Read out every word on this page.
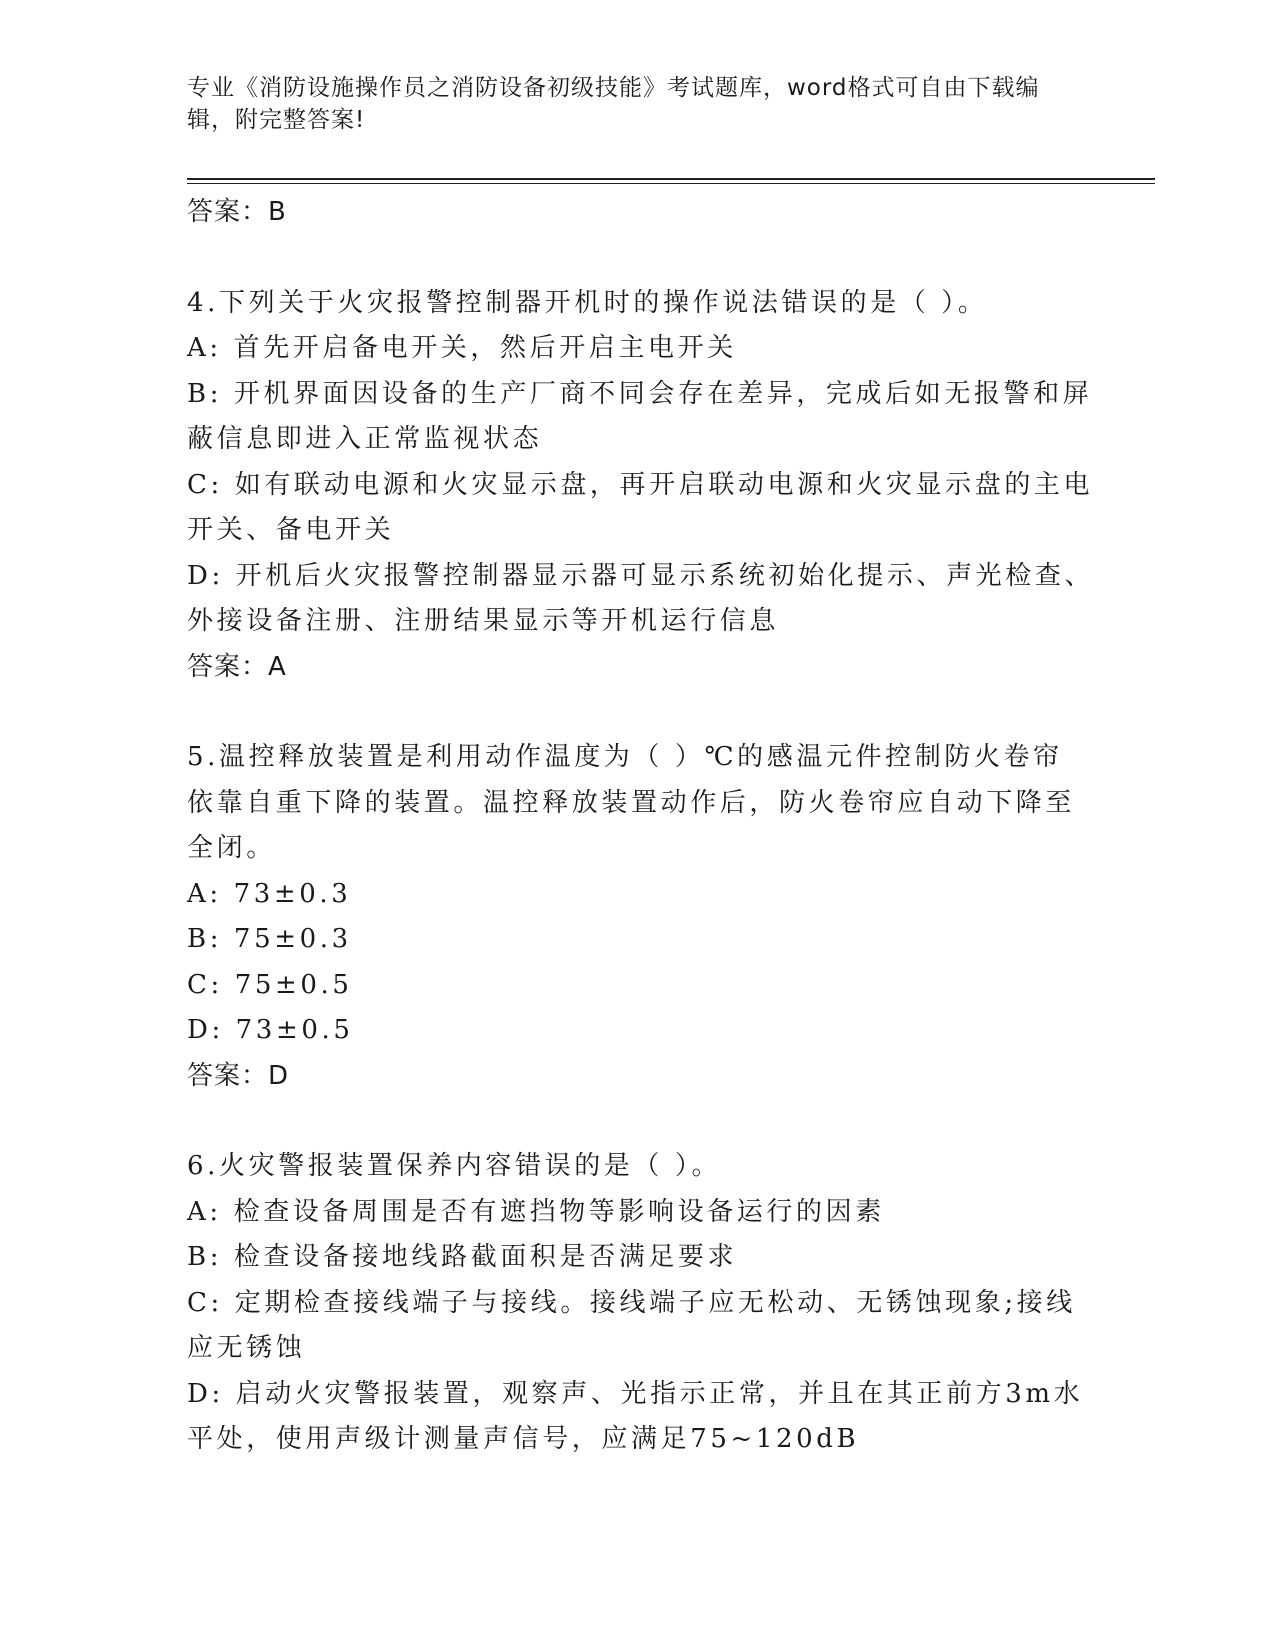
专业《消防设施操作员之消防设备初级技能》考试题库，word格式可自由下载编
辑，附完整答案!
答案：B
4.下列关于火灾报警控制器开机时的操作说法错误的是（ ）。
A: 首先开启备电开关，然后开启主电开关
B: 开机界面因设备的生产厂商不同会存在差异，完成后如无报警和屏
蔽信息即进入正常监视状态
C: 如有联动电源和火灾显示盘，再开启联动电源和火灾显示盘的主电
开关、备电开关
D: 开机后火灾报警控制器显示器可显示系统初始化提示、声光检查、
外接设备注册、注册结果显示等开机运行信息
答案：A
5.温控释放装置是利用动作温度为（ ）℃的感温元件控制防火卷帘
依靠自重下降的装置。温控释放装置动作后，防火卷帘应自动下降至
全闭。
A: 73±0.3
B: 75±0.3
C: 75±0.5
D: 73±0.5
答案：D
6.火灾警报装置保养内容错误的是（ ）。
A: 检查设备周围是否有遮挡物等影响设备运行的因素
B: 检查设备接地线路截面积是否满足要求
C: 定期检查接线端子与接线。接线端子应无松动、无锈蚀现象;接线
应无锈蚀
D: 启动火灾警报装置，观察声、光指示正常，并且在其正前方3m水
平处，使用声级计测量声信号，应满足75~120dB
